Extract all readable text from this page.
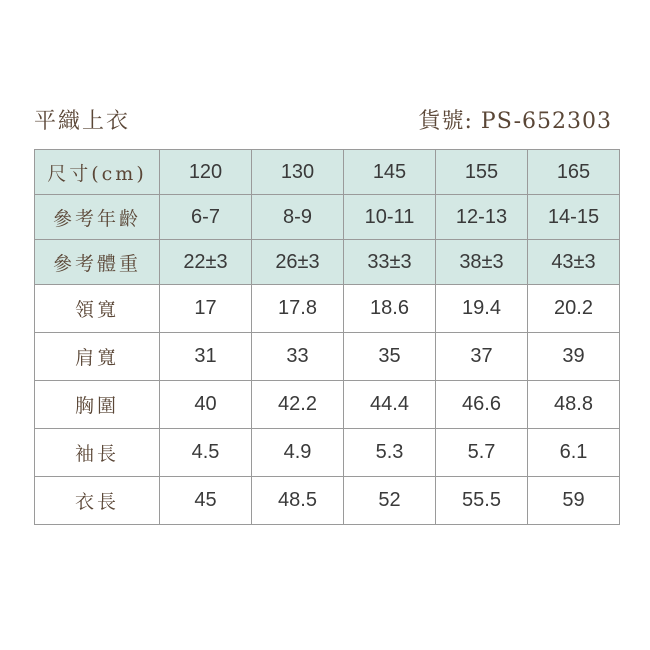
平織上衣	貨號: PS-652303
尺寸(cm)	120	130	145	155	165
參考年齡	6-7	8-9	10-11	12-13	14-15
參考體重	22±3	26±3	33±3	38±3	43±3
領寬	17	17.8	18.6	19.4	20.2
肩寬	31	33	35	37	39
胸圍	40	42.2	44.4	46.6	48.8
袖長	4.5	4.9	5.3	5.7	6.1
衣長	45	48.5	52	55.5	59
